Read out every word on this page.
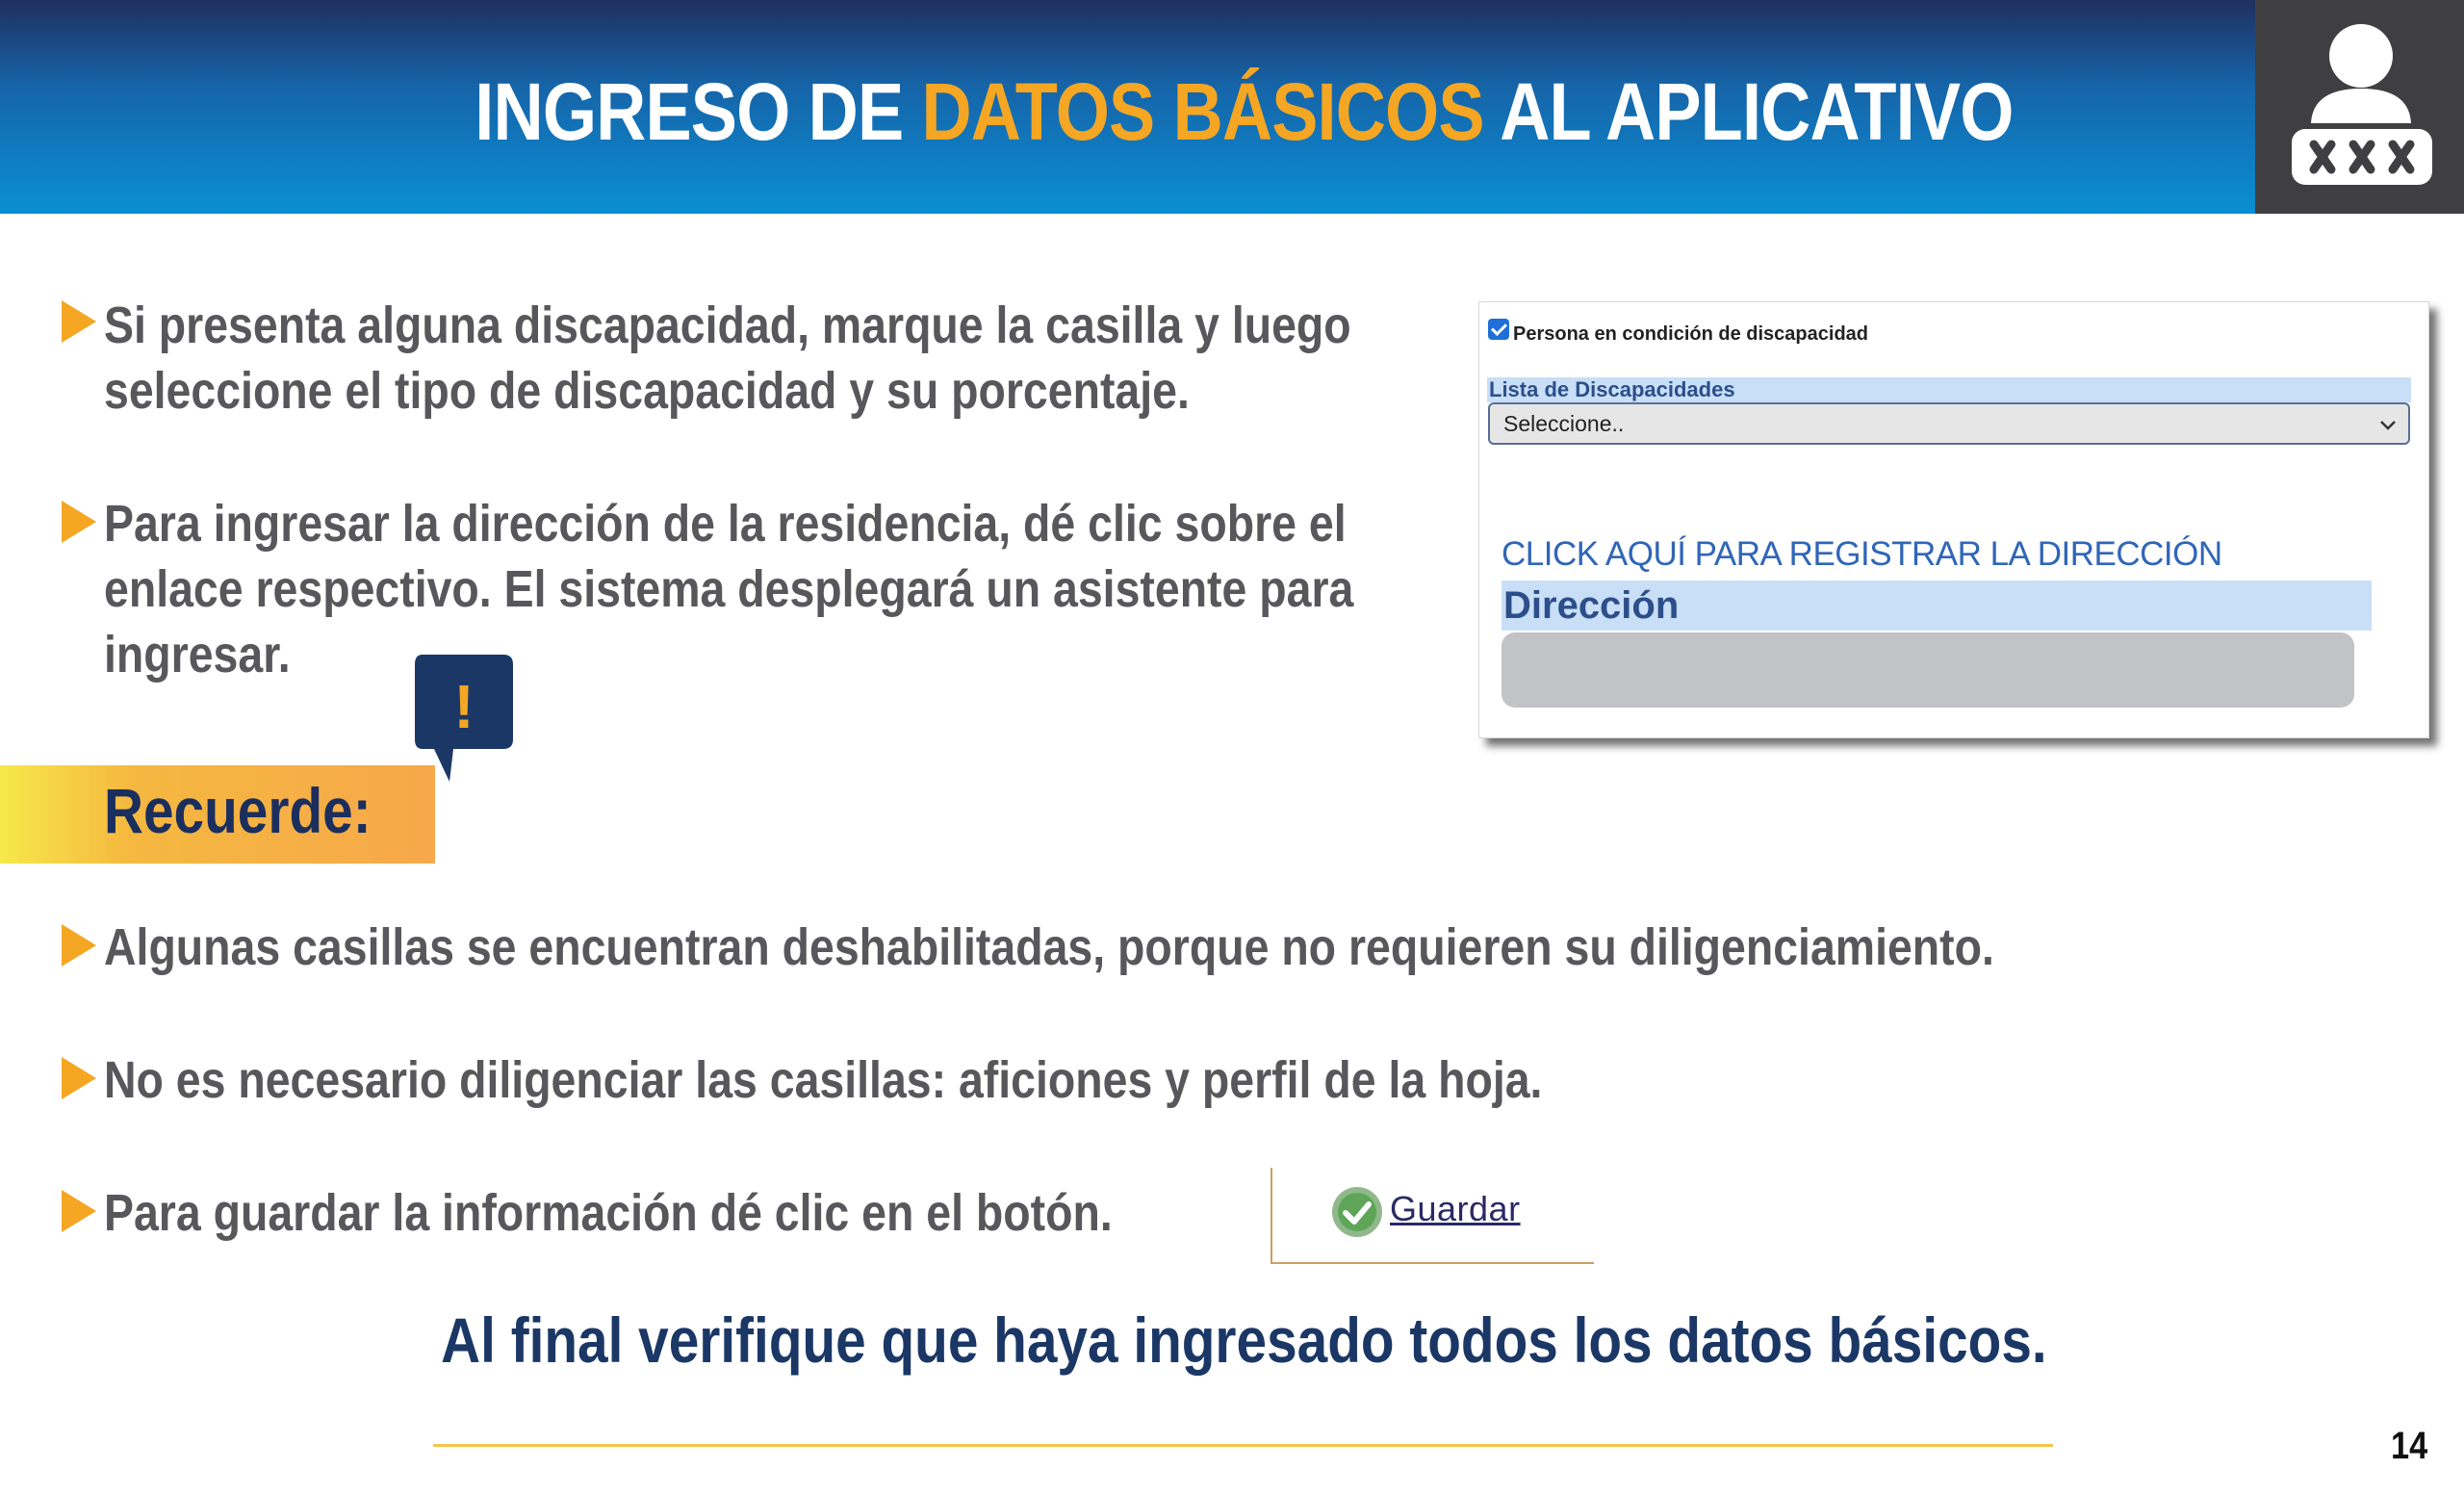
INGRESO DE DATOS BÁSICOS AL APLICATIVO
Si presenta alguna discapacidad, marque la casilla y luego
seleccione el tipo de discapacidad y su porcentaje.
Para ingresar la dirección de la residencia, dé clic sobre el
enlace respectivo. El sistema desplegará un asistente para
ingresar.
Persona en condición de discapacidad
Lista de Discapacidades
Seleccione..
CLICK AQUÍ PARA REGISTRAR LA DIRECCIÓN
Dirección
Recuerde:
!
Algunas casillas se encuentran deshabilitadas, porque no requieren su diligenciamiento.
No es necesario diligenciar las casillas: aficiones y perfil de la hoja.
Para guardar la información dé clic en el botón.	Guardar
Al final verifique que haya ingresado todos los datos básicos.
14
